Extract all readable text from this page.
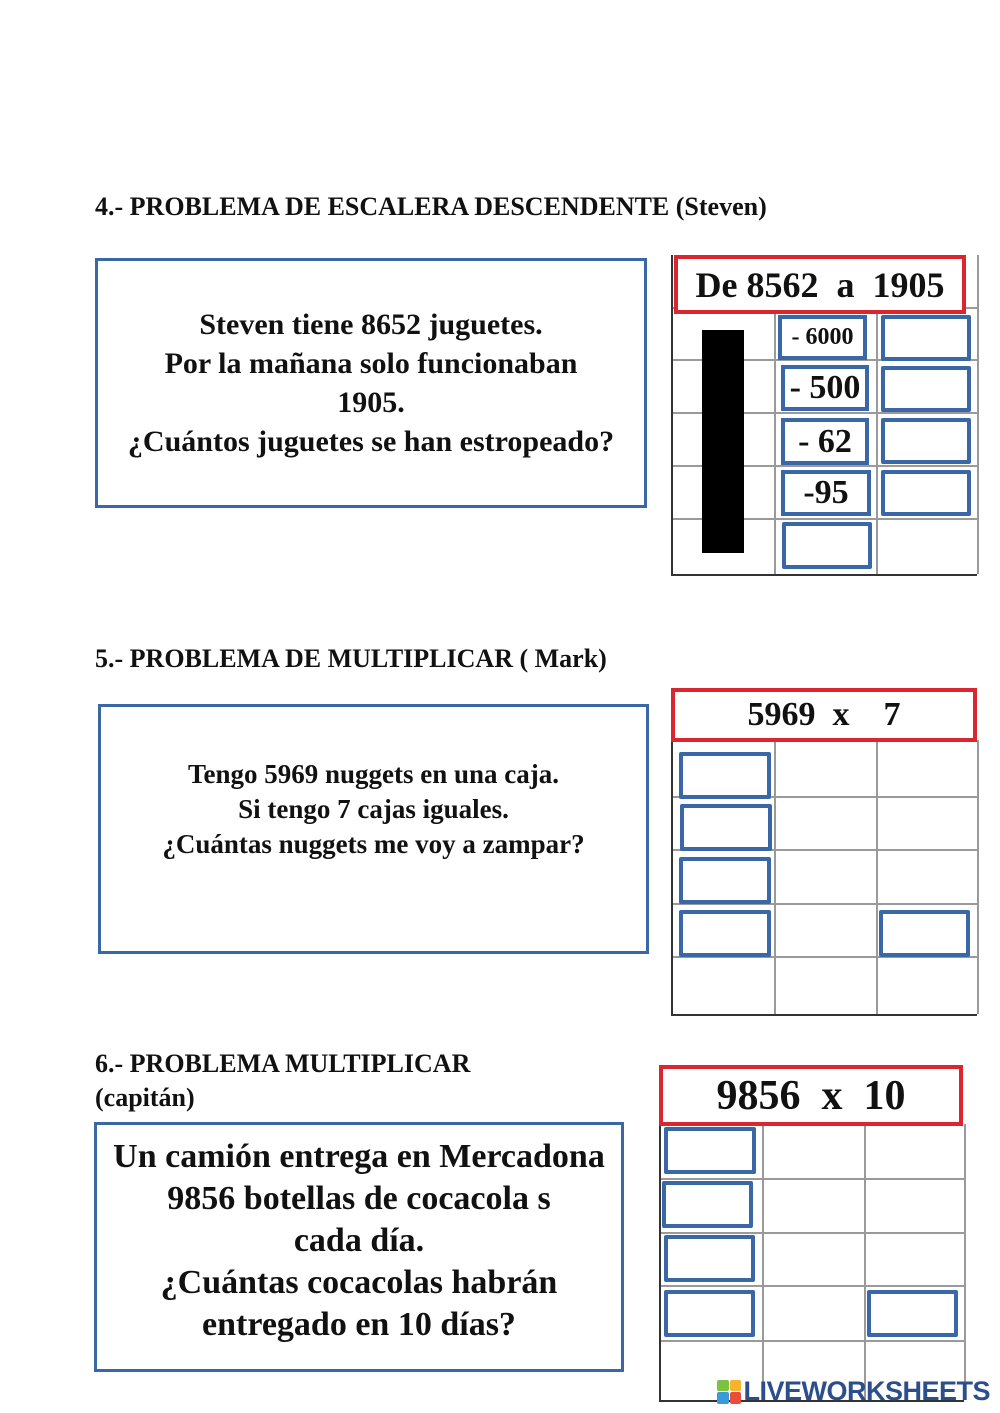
4.- PROBLEMA DE ESCALERA DESCENDENTE (Steven)
Steven tiene 8652 juguetes.
Por la mañana solo funcionaban
1905.
¿Cuántos juguetes se han estropeado?
De 8562  a  1905
- 6000
- 500
- 62
-95
5.- PROBLEMA DE MULTIPLICAR ( Mark)
Tengo 5969 nuggets en una caja.
Si tengo 7 cajas iguales.
¿Cuántas nuggets me voy a zampar?
5969  x    7
6.- PROBLEMA MULTIPLICAR
(capitán)
Un camión entrega en Mercadona
9856 botellas de cocacola s
cada día.
¿Cuántas cocacolas habrán
entregado en 10 días?
9856  x  10
LIVEWORKSHEETS
